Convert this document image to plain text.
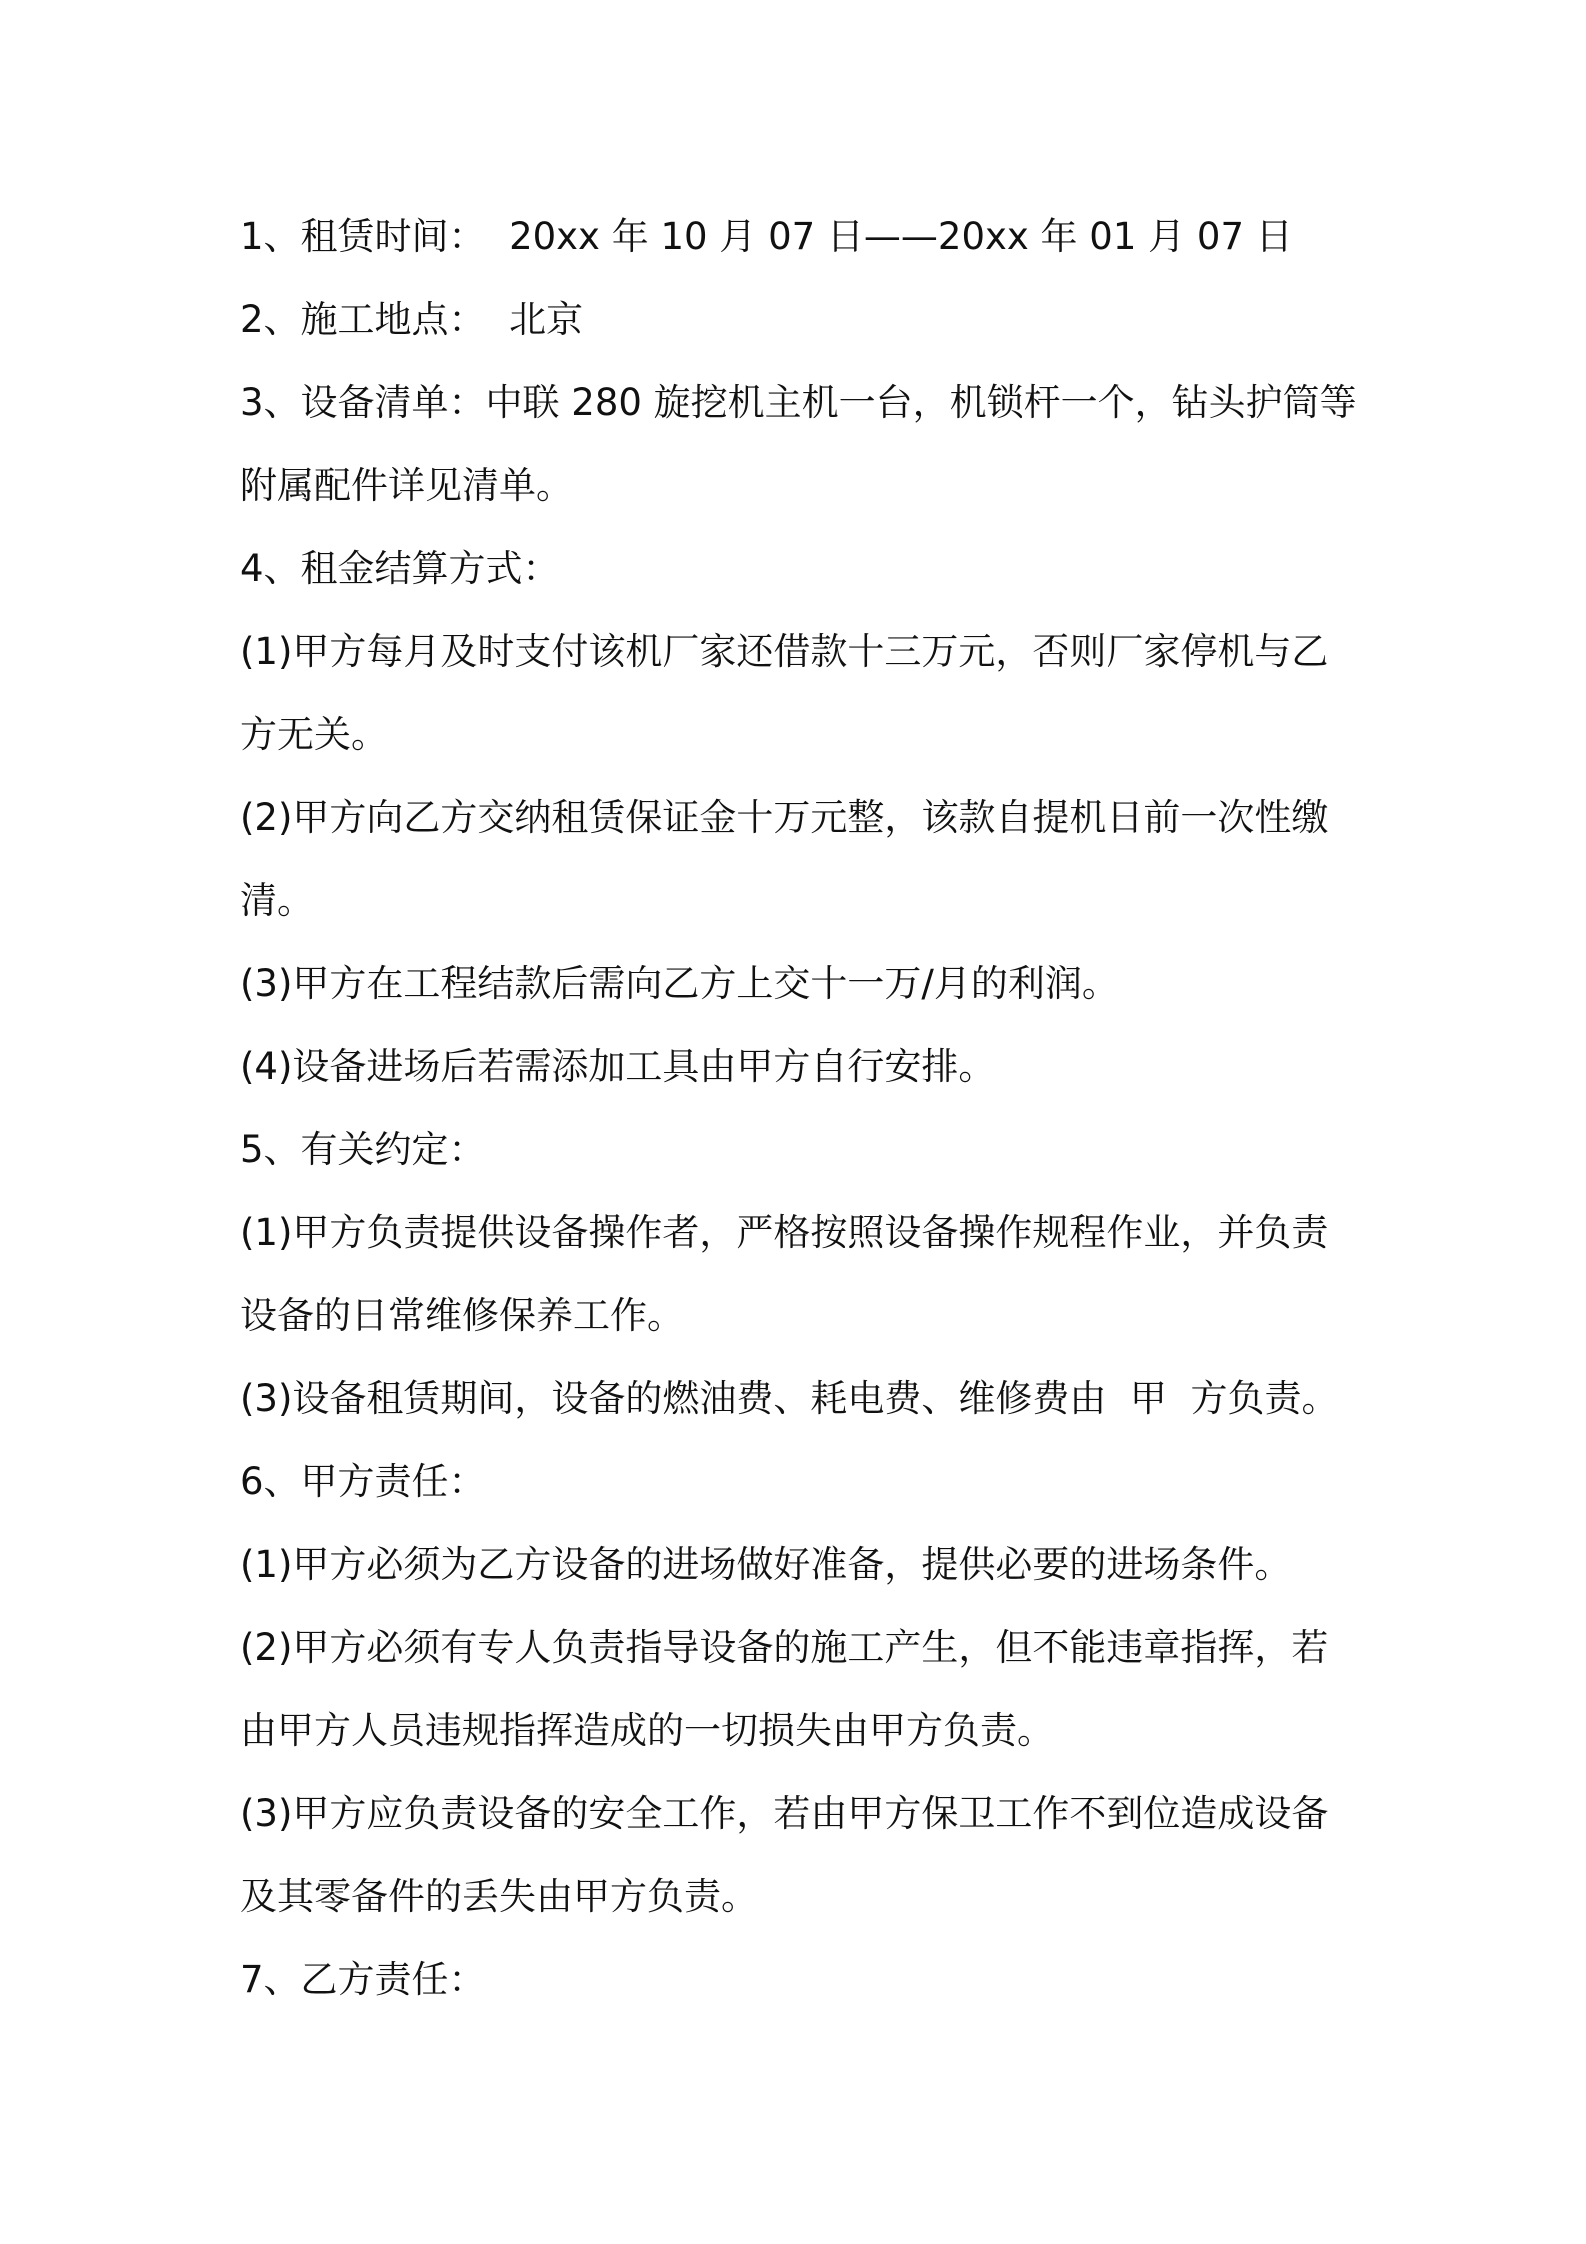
1、租赁时间：  20xx 年 10 月 07 日——20xx 年 01 月 07 日
2、施工地点：  北京
3、设备清单：中联 280 旋挖机主机一台，机锁杆一个，钻头护筒等
附属配件详见清单。
4、租金结算方式：
(1)甲方每月及时支付该机厂家还借款十三万元，否则厂家停机与乙
方无关。
(2)甲方向乙方交纳租赁保证金十万元整，该款自提机日前一次性缴
清。
(3)甲方在工程结款后需向乙方上交十一万/月的利润。
(4)设备进场后若需添加工具由甲方自行安排。
5、有关约定：
(1)甲方负责提供设备操作者，严格按照设备操作规程作业，并负责
设备的日常维修保养工作。
(3)设备租赁期间，设备的燃油费、耗电费、维修费由  甲  方负责。
6、甲方责任：
(1)甲方必须为乙方设备的进场做好准备，提供必要的进场条件。
(2)甲方必须有专人负责指导设备的施工产生，但不能违章指挥，若
由甲方人员违规指挥造成的一切损失由甲方负责。
(3)甲方应负责设备的安全工作，若由甲方保卫工作不到位造成设备
及其零备件的丢失由甲方负责。
7、乙方责任：
